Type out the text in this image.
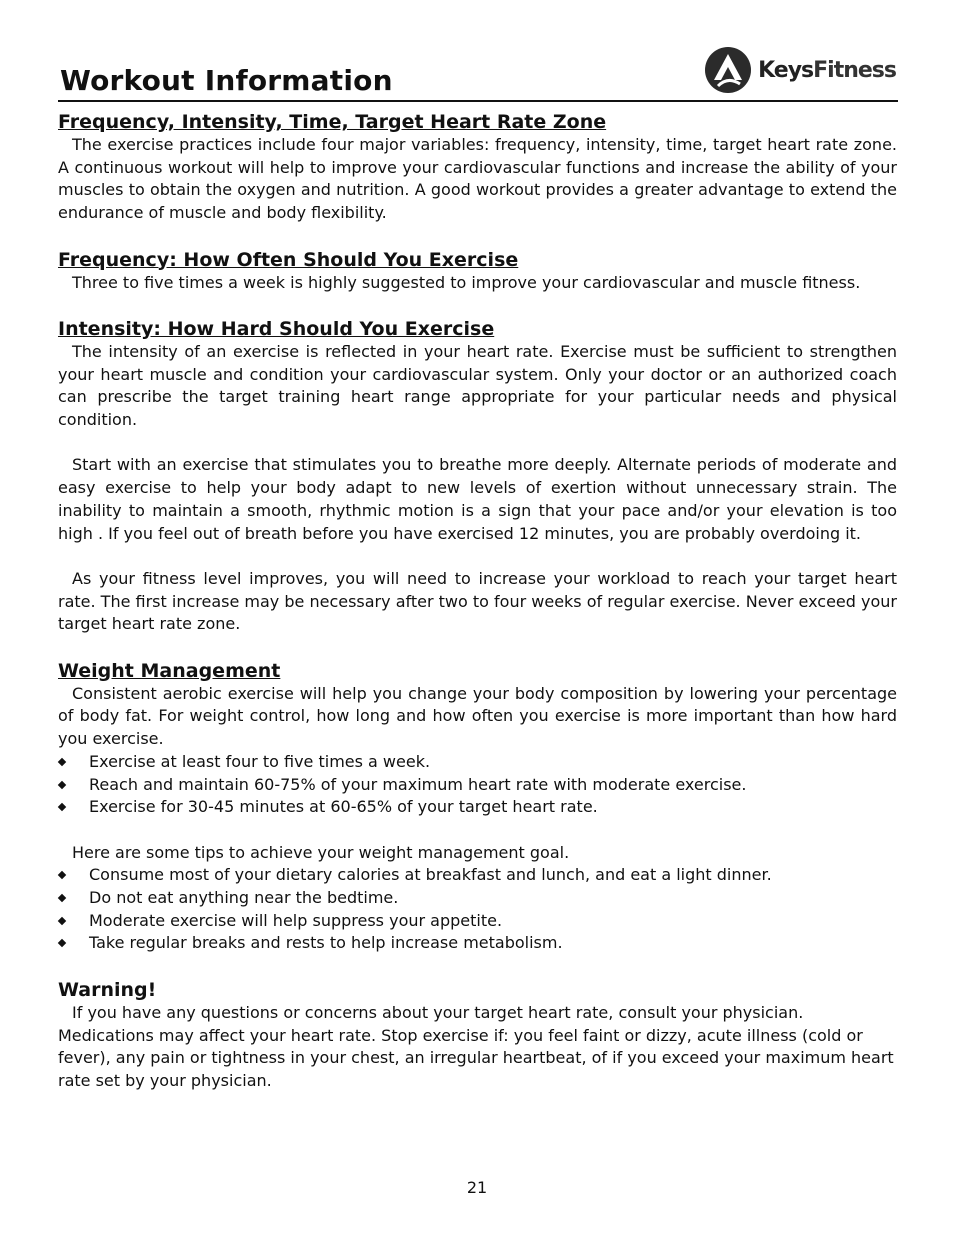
Workout Information	KeysFitness
Frequency, Intensity, Time, Target Heart Rate Zone

The exercise practices include four major variables: frequency, intensity, time, target heart rate zone. A continuous workout will help to improve your cardiovascular functions and increase the ability of your muscles to obtain the oxygen and nutrition. A good workout provides a greater advantage to extend the endurance of muscle and body flexibility.

Frequency: How Often Should You Exercise

Three to five times a week is highly suggested to improve your cardiovascular and muscle fitness.

Intensity: How Hard Should You Exercise

The intensity of an exercise is reflected in your heart rate. Exercise must be sufficient to strengthen your heart muscle and condition your cardiovascular system. Only your doctor or an authorized coach can prescribe the target training heart range appropriate for your particular needs and physical condition.

Start with an exercise that stimulates you to breathe more deeply. Alternate periods of moderate and easy exercise to help your body adapt to new levels of exertion without unnecessary strain. The inability to maintain a smooth, rhythmic motion is a sign that your pace and/or your elevation is too high . If you feel out of breath before you have exercised 12 minutes, you are probably overdoing it.

As your fitness level improves, you will need to increase your workload to reach your target heart rate. The first increase may be necessary after two to four weeks of regular exercise. Never exceed your target heart rate zone.

Weight Management

Consistent aerobic exercise will help you change your body composition by lowering your percentage of body fat. For weight control, how long and how often you exercise is more important than how hard you exercise.

Exercise at least four to five times a week.
Reach and maintain 60-75% of your maximum heart rate with moderate exercise.
Exercise for 30-45 minutes at 60-65% of your target heart rate.

Here are some tips to achieve your weight management goal.

Consume most of your dietary calories at breakfast and lunch, and eat a light dinner.
Do not eat anything near the bedtime.
Moderate exercise will help suppress your appetite.
Take regular breaks and rests to help increase metabolism.
Warning!

If you have any questions or concerns about your target heart rate, consult your physician. Medications may affect your heart rate. Stop exercise if: you feel faint or dizzy, acute illness (cold or fever), any pain or tightness in your chest, an irregular heartbeat, of if you exceed your maximum heart rate set by your physician.

21
